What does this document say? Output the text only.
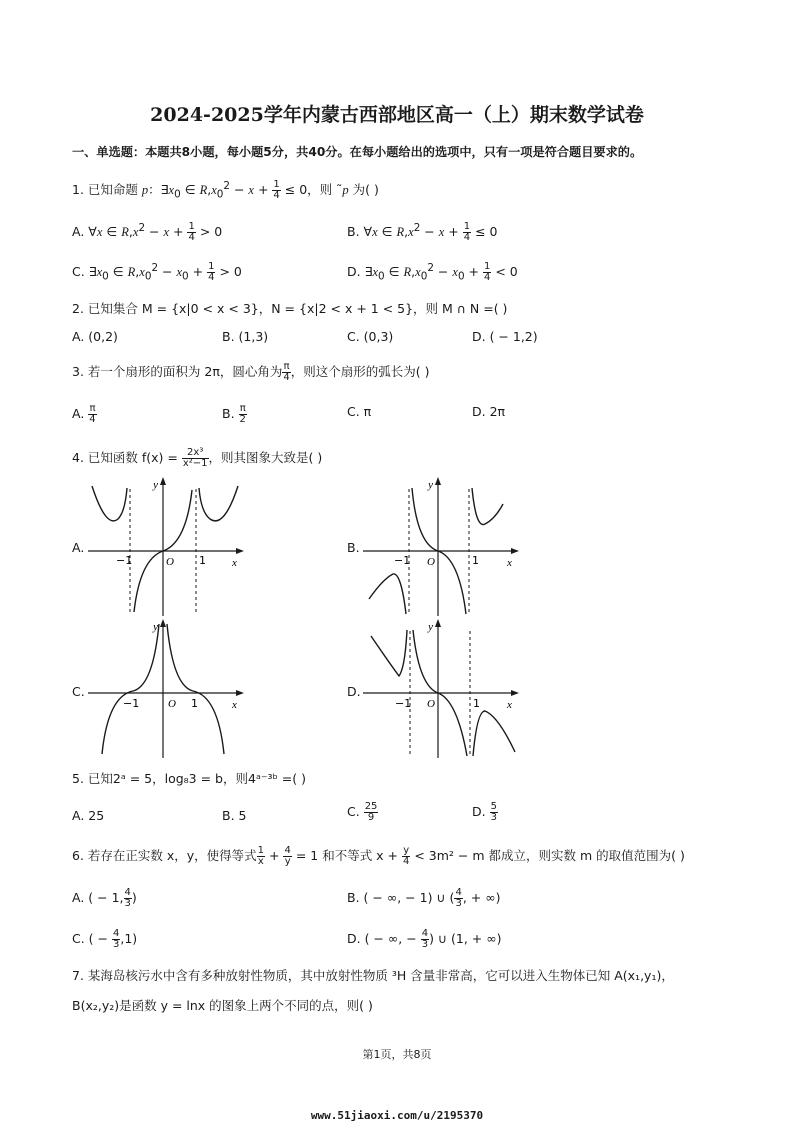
2024-2025学年内蒙古西部地区高一（上）期末数学试卷
一、单选题：本题共8小题，每小题5分，共40分。在每小题给出的选项中，只有一项是符合题目要求的。
1. 已知命题 p：$\exists x_0$ ∈ $R,x_0^2 - x + \frac{1}{4} \le 0$，则 ˜p 为( )
A. ∀x ∈ $R,x^2 - x + \frac{1}{4} > 0$	B. ∀x ∈ $R,x^2 - x + \frac{1}{4} \le 0$
C. $\exists x_0$ ∈ $R,x_0^2 - x_0 + \frac{1}{4} > 0$	D. $\exists x_0$ ∈ $R,x_0^2 - x_0 + \frac{1}{4} < 0$
2. 已知集合 M = {x|0 < x < 3}，N = {x|2 < x + 1 < 5}，则 M ∩ N =( )
A. (0,2)	B. (1,3)	C. (0,3)	D. ( − 1,2)
3. 若一个扇形的面积为 2π，圆心角为 $\frac{\pi}{4}$ ，则这个扇形的弧长为( )
A. $\frac{\pi}{4}$	B. $\frac{\pi}{2}$	C. π	D. 2π
4. 已知函数 $f(x) = \frac{\text{2x³}}{\text{x²−1}}$ ，则其图象大致是( )
A.	B.
C.	D.
y
x
O
−1	1
y
x
O
−1	1
y
x
O
−1	1
y
x
O
−1	1
5. 已知2ᵃ = 5，log₈3 = b，则4ᵃ⁻³ᵇ =( )
A. 25	B. 5	C. $\frac{25}{9}$	D. $\frac{5}{3}$
6. 若存在正实数 x，y，使得等式 $\frac{1}{x} + \frac{4}{y} = 1$ 和不等式 $x + \frac{y}{4} < 3m^2 - m$ 都成立，则实数 m 的取值范围为( )
A. ( − 1, $\frac{4}{3}$ )	B. ( − ∞, − 1) ∪ ( $\frac{4}{3}$ , + ∞)
C. ( − $\frac{4}{3} ,1$)	D. ( − ∞, − $\frac{4}{3}$ ) ∪ (1, + ∞)
7. 某海岛核污水中含有多种放射性物质，其中放射性物质 ³H 含量非常高，它可以进入生物体已知 A(x₁,y₁)，
B(x₂,y₂)是函数 y = lnx 的图象上两个不同的点，则( )
第1页，共8页
www.51jiaoxi.com/u/2195370
